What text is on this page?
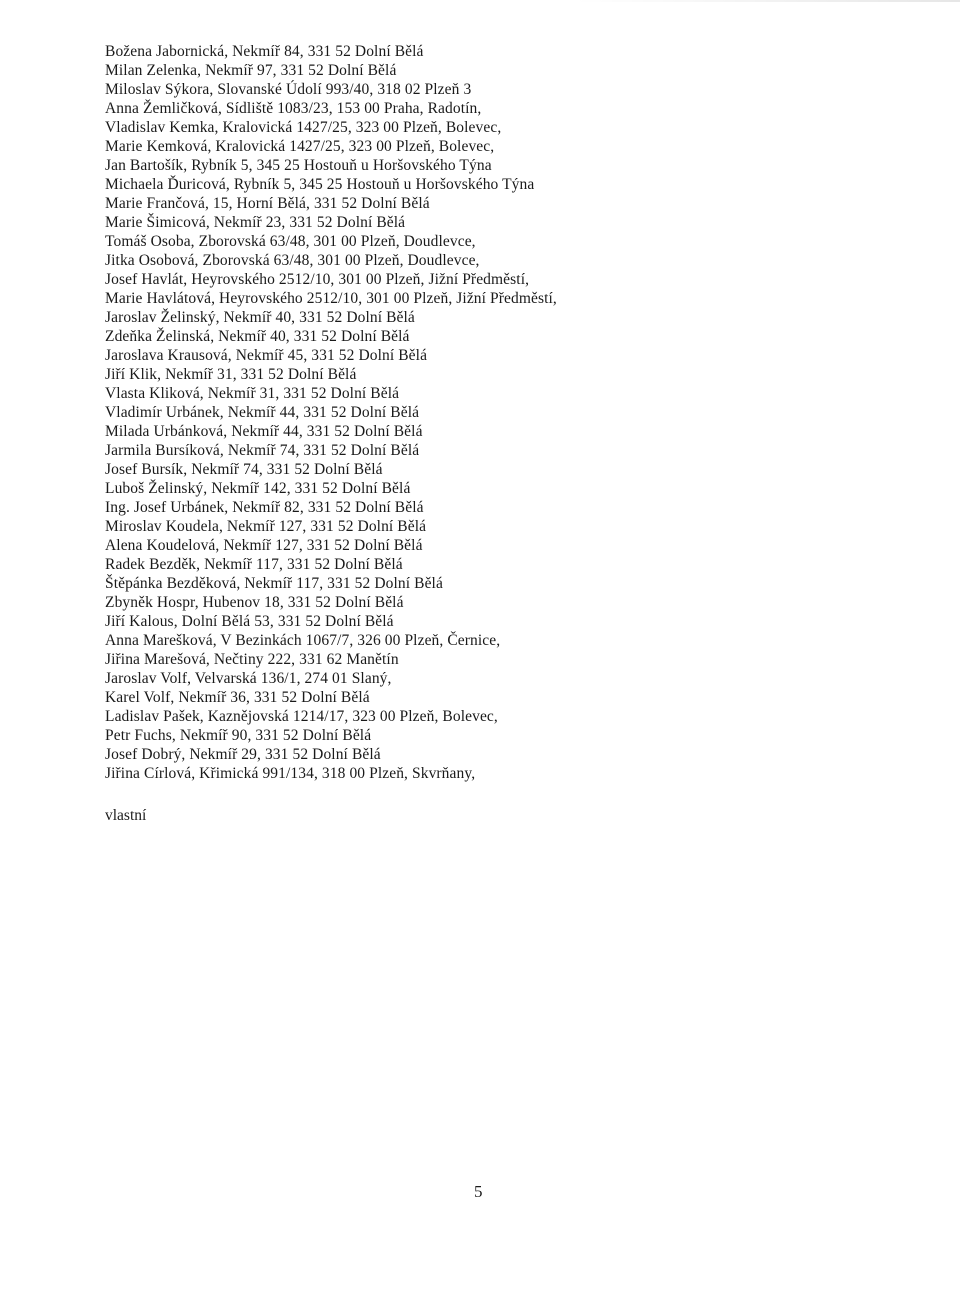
Božena Jabornická, Nekmíř 84, 331 52 Dolní Bělá
Milan Zelenka, Nekmíř 97, 331 52 Dolní Bělá
Miloslav Sýkora, Slovanské Údolí 993/40, 318 02 Plzeň 3
Anna Žemličková, Sídliště 1083/23, 153 00 Praha, Radotín,
Vladislav Kemka, Kralovická 1427/25, 323 00 Plzeň, Bolevec,
Marie Kemková, Kralovická 1427/25, 323 00 Plzeň, Bolevec,
Jan Bartošík, Rybník 5, 345 25 Hostouň u Horšovského Týna
Michaela Ďuricová, Rybník 5, 345 25 Hostouň u Horšovského Týna
Marie Frančová, 15, Horní Bělá, 331 52 Dolní Bělá
Marie Šimicová, Nekmíř 23, 331 52 Dolní Bělá
Tomáš Osoba, Zborovská 63/48, 301 00 Plzeň, Doudlevce,
Jitka Osobová, Zborovská 63/48, 301 00 Plzeň, Doudlevce,
Josef Havlát, Heyrovského 2512/10, 301 00 Plzeň, Jižní Předměstí,
Marie Havlátová, Heyrovského 2512/10, 301 00 Plzeň, Jižní Předměstí,
Jaroslav Želinský, Nekmíř 40, 331 52 Dolní Bělá
Zdeňka Želinská, Nekmíř 40, 331 52 Dolní Bělá
Jaroslava Krausová, Nekmíř 45, 331 52 Dolní Bělá
Jiří Klik, Nekmíř 31, 331 52 Dolní Bělá
Vlasta Kliková, Nekmíř 31, 331 52 Dolní Bělá
Vladimír Urbánek, Nekmíř 44, 331 52 Dolní Bělá
Milada Urbánková, Nekmíř 44, 331 52 Dolní Bělá
Jarmila Bursíková, Nekmíř 74, 331 52 Dolní Bělá
Josef Bursík, Nekmíř 74, 331 52 Dolní Bělá
Luboš Želinský, Nekmíř 142, 331 52 Dolní Bělá
Ing. Josef Urbánek, Nekmíř 82, 331 52 Dolní Bělá
Miroslav Koudela, Nekmíř 127, 331 52 Dolní Bělá
Alena Koudelová, Nekmíř 127, 331 52 Dolní Bělá
Radek Bezděk, Nekmíř 117, 331 52 Dolní Bělá
Štěpánka Bezděková, Nekmíř 117, 331 52 Dolní Bělá
Zbyněk Hospr, Hubenov 18, 331 52 Dolní Bělá
Jiří Kalous, Dolní Bělá 53, 331 52 Dolní Bělá
Anna Marešková, V Bezinkách 1067/7, 326 00 Plzeň, Černice,
Jiřina Marešová, Nečtiny 222, 331 62 Manětín
Jaroslav Volf, Velvarská 136/1, 274 01 Slaný,
Karel Volf, Nekmíř 36, 331 52 Dolní Bělá
Ladislav Pašek, Kaznějovská 1214/17, 323 00 Plzeň, Bolevec,
Petr Fuchs, Nekmíř 90, 331 52 Dolní Bělá
Josef Dobrý, Nekmíř 29, 331 52 Dolní Bělá
Jiřina Círlová, Křimická 991/134, 318 00 Plzeň, Skvrňany,
vlastní
5
